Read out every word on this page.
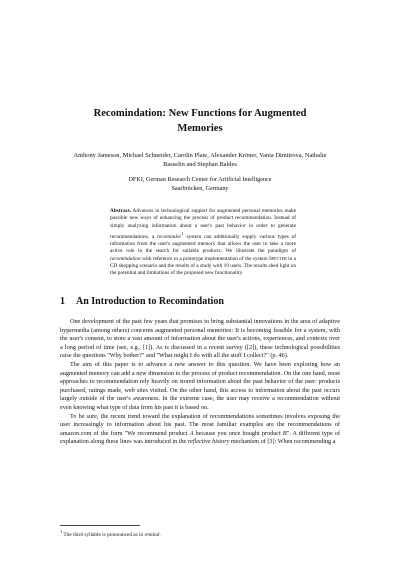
Recomindation: New Functions for Augmented Memories
Anthony Jameson, Michael Schneider, Carolin Plate, Alexander Kröner, Vania Dimitrova, Nathalie Basselin and Stephan Baldes
DFKI, German Research Center for Artificial Intelligence
Saarbrücken, Germany
Abstract. Advances in technological support for augmented personal memories make possible new ways of enhancing the process of product recommendation. Instead of simply analyzing information about a user's past behavior in order to generate recommendations, a recomindor$^1$ system can additionally supply various types of information from the user's augmented memory that allows the user to take a more active role in the search for suitable products. We illustrate the paradigm of recomindation with reference to a prototype implementation of the system Specter in a CD shopping scenario and the results of a study with 19 users. The results shed light on the potential and limitations of the proposed new functionality.
1 An Introduction to Recomindation

One development of the past few years that promises to bring substantial innovations in the area of adaptive hypermedia (among others) concerns augmented personal memories: It is becoming feasible for a system, with the user's consent, to store a vast amount of information about the user's actions, experiences, and contexts over a long period of time (see, e.g., [1]). As is discussed in a recent survey ([2]), these technological possibilities raise the questions "Why bother?" and "What might I do with all the stuff I collect?" (p. 46).

The aim of this paper is to advance a new answer to this question. We have been exploring how an augmented memory can add a new dimension to the process of product recommendation. On the one hand, most approaches to recommendation rely heavily on stored information about the past behavior of the user: products purchased, ratings made, web sites visited. On the other hand, this access to information about the past occurs largely outside of the user's awareness. In the extreme case, the user may receive a recommendation without even knowing what type of data from his past it is based on.

To be sure, the recent trend toward the explanation of recommendations sometimes involves exposing the user increasingly to information about his past. The most familiar examples are the recommendations of amazon.com of the form "We recommend product A because you once bought product B". A different type of explanation along these lines was introduced in the reflective history mechanism of [3]: When recommending a

$^1$ The third syllable is pronounced as in remind.
